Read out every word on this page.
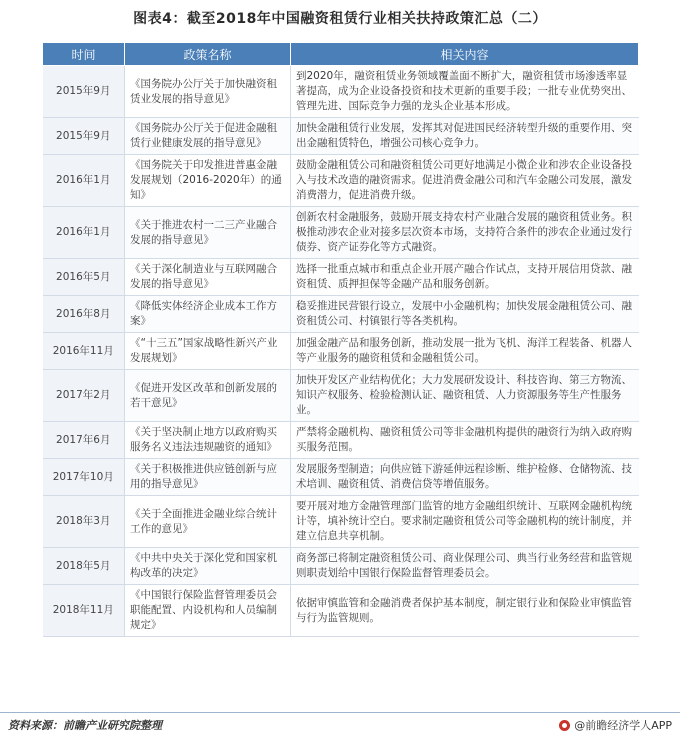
图表4：截至2018年中国融资租赁行业相关扶持政策汇总（二）
时间	政策名称	相关内容
2015年9月	《国务院办公厅关于加快融资租赁业发展的指导意见》	到2020年，融资租赁业务领域覆盖面不断扩大，融资租赁市场渗透率显著提高，成为企业设备投资和技术更新的重要手段；一批专业优势突出、管理先进、国际竞争力强的龙头企业基本形成。
2015年9月	《国务院办公厅关于促进金融租赁行业健康发展的指导意见》	加快金融租赁行业发展，发挥其对促进国民经济转型升级的重要作用、突出金融租赁特色，增强公司核心竞争力。
2016年1月	《国务院关于印发推进普惠金融发展规划（2016-2020年）的通知》	鼓励金融租赁公司和融资租赁公司更好地满足小微企业和涉农企业设备投入与技术改造的融资需求。促进消费金融公司和汽车金融公司发展，激发消费潜力，促进消费升级。
2016年1月	《关于推进农村一二三产业融合发展的指导意见》	创新农村金融服务，鼓励开展支持农村产业融合发展的融资租赁业务。积极推动涉农企业对接多层次资本市场，支持符合条件的涉农企业通过发行债券、资产证券化等方式融资。
2016年5月	《关于深化制造业与互联网融合发展的指导意见》	选择一批重点城市和重点企业开展产融合作试点，支持开展信用贷款、融资租赁、质押担保等金融产品和服务创新。
2016年8月	《降低实体经济企业成本工作方案》	稳妥推进民营银行设立，发展中小金融机构；加快发展金融租赁公司、融资租赁公司、村镇银行等各类机构。
2016年11月	《“十三五”国家战略性新兴产业发展规划》	加强金融产品和服务创新，推动发展一批为飞机、海洋工程装备、机器人等产业服务的融资租赁和金融租赁公司。
2017年2月	《促进开发区改革和创新发展的若干意见》	加快开发区产业结构优化；大力发展研发设计、科技咨询、第三方物流、知识产权服务、检验检测认证、融资租赁、人力资源服务等生产性服务业。
2017年6月	《关于坚决制止地方以政府购买服务名义违法违规融资的通知》	严禁将金融机构、融资租赁公司等非金融机构提供的融资行为纳入政府购买服务范围。
2017年10月	《关于积极推进供应链创新与应用的指导意见》	发展服务型制造；向供应链下游延伸远程诊断、维护检修、仓储物流、技术培训、融资租赁、消费信贷等增值服务。
2018年3月	《关于全面推进金融业综合统计工作的意见》	要开展对地方金融管理部门监管的地方金融组织统计、互联网金融机构统计等，填补统计空白。要求制定融资租赁公司等金融机构的统计制度，并建立信息共享机制。
2018年5月	《中共中央关于深化党和国家机构改革的决定》	商务部已将制定融资租赁公司、商业保理公司、典当行业务经营和监管规则职责划给中国银行保险监督管理委员会。
2018年11月	《中国银行保险监督管理委员会职能配置、内设机构和人员编制规定》	依据审慎监管和金融消费者保护基本制度，制定银行业和保险业审慎监管与行为监管规则。
资料来源：前瞻产业研究院整理	@前瞻经济学人APP
